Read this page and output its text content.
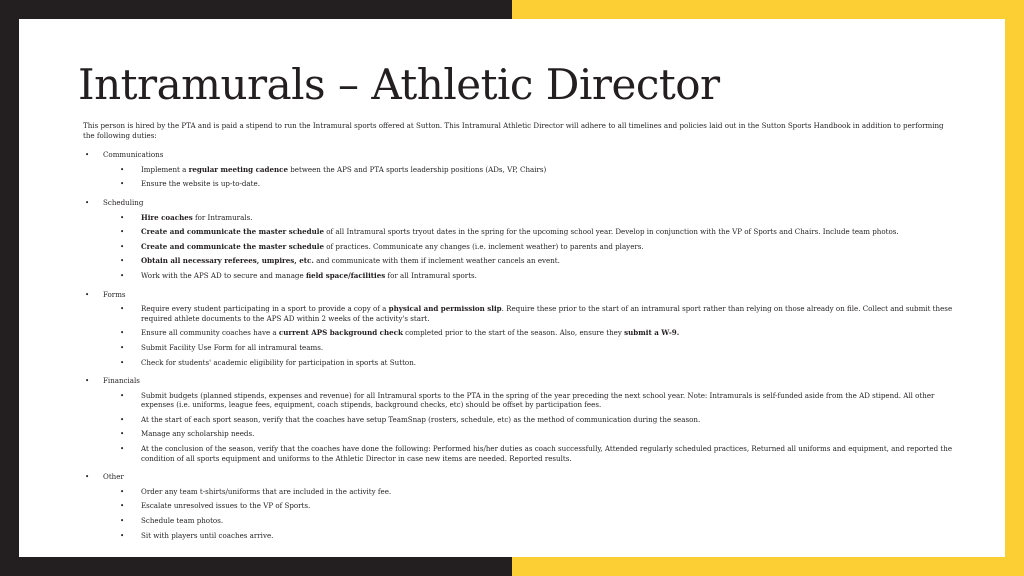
Intramurals – Athletic Director

This person is hired by the PTA and is paid a stipend to run the Intramural sports offered at Sutton. This Intramural Athletic Director will adhere to all timelines and policies laid out in the Sutton Sports Handbook in addition to performing the following duties:

• Communications
• Implement a regular meeting cadence between the APS and PTA sports leadership positions (ADs, VP, Chairs)
• Ensure the website is up-to-date.
• Scheduling
• Hire coaches for Intramurals.
• Create and communicate the master schedule of all Intramural sports tryout dates in the spring for the upcoming school year. Develop in conjunction with the VP of Sports and Chairs. Include team photos.
• Create and communicate the master schedule of practices. Communicate any changes (i.e. inclement weather) to parents and players.
• Obtain all necessary referees, umpires, etc. and communicate with them if inclement weather cancels an event.
• Work with the APS AD to secure and manage field space/facilities for all Intramural sports.
• Forms
• Require every student participating in a sport to provide a copy of a physical and permission slip. Require these prior to the start of an intramural sport rather than relying on those already on file. Collect and submit these required athlete documents to the APS AD within 2 weeks of the activity's start.
• Ensure all community coaches have a current APS background check completed prior to the start of the season. Also, ensure they submit a W-9.
• Submit Facility Use Form for all intramural teams.
• Check for students' academic eligibility for participation in sports at Sutton.
• Financials
• Submit budgets (planned stipends, expenses and revenue) for all Intramural sports to the PTA in the spring of the year preceding the next school year. Note: Intramurals is self-funded aside from the AD stipend. All other expenses (i.e. uniforms, league fees, equipment, coach stipends, background checks, etc) should be offset by participation fees.
• At the start of each sport season, verify that the coaches have setup TeamSnap (rosters, schedule, etc) as the method of communication during the season.
• Manage any scholarship needs.
• At the conclusion of the season, verify that the coaches have done the following: Performed his/her duties as coach successfully, Attended regularly scheduled practices, Returned all uniforms and equipment, and reported the condition of all sports equipment and uniforms to the Athletic Director in case new items are needed. Reported results.
• Other
• Order any team t-shirts/uniforms that are included in the activity fee.
• Escalate unresolved issues to the VP of Sports.
• Schedule team photos.
• Sit with players until coaches arrive.
